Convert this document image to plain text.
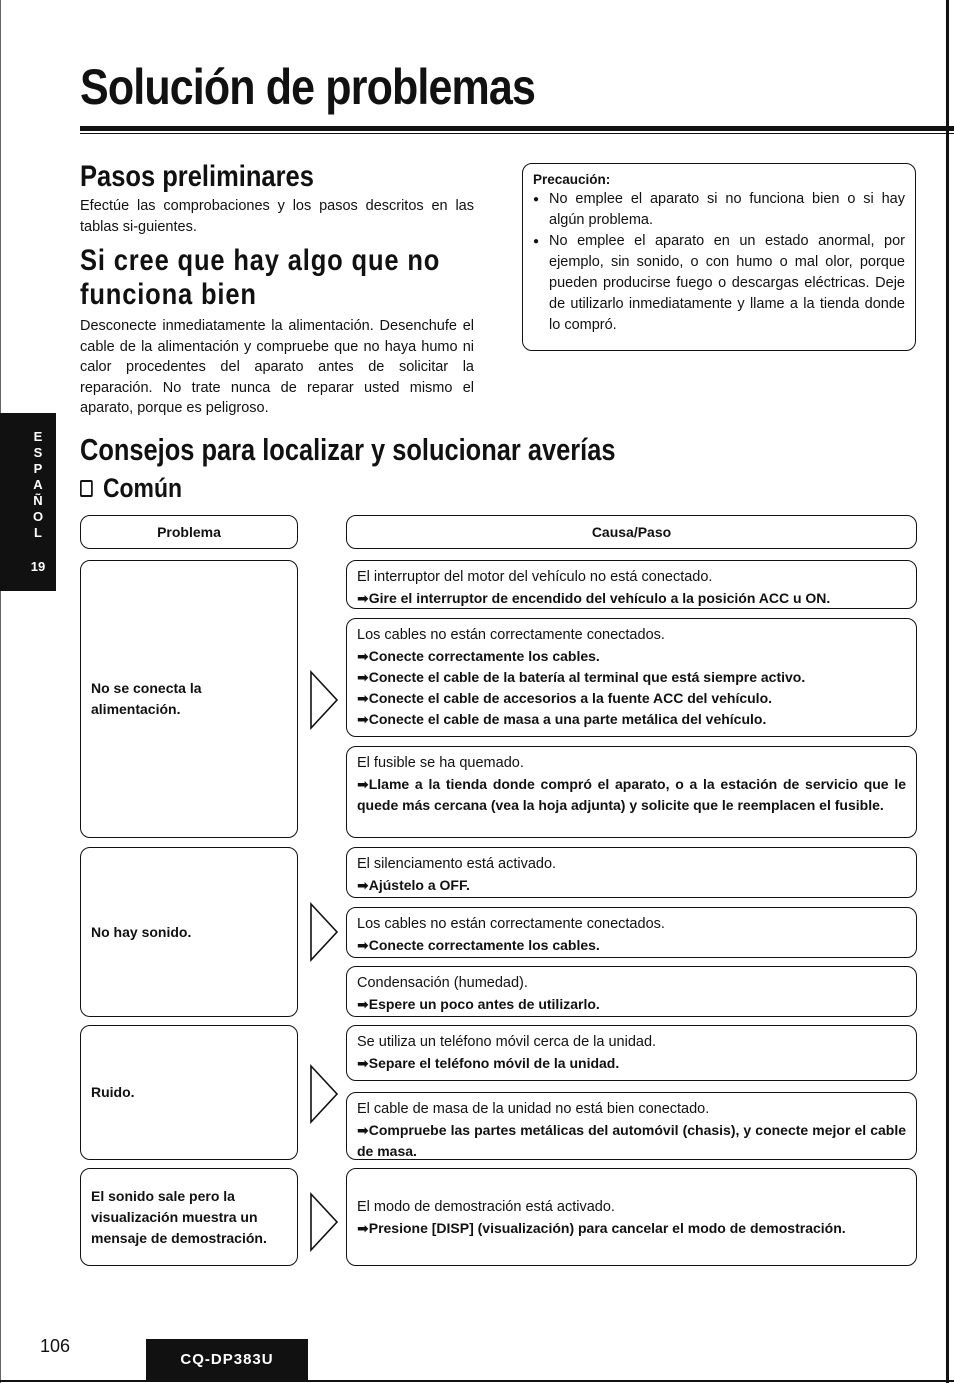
Solución de problemas
Pasos preliminares
Efectúe las comprobaciones y los pasos descritos en las tablas si-guientes.
Si cree que hay algo que no funciona bien
Desconecte inmediatamente la alimentación. Desenchufe el cable de la alimentación y compruebe que no haya humo ni calor procedentes del aparato antes de solicitar la reparación. No trate nunca de reparar usted mismo el aparato, porque es peligroso.
Precaución:
● No emplee el aparato si no funciona bien o si hay algún problema.
● No emplee el aparato en un estado anormal, por ejemplo, sin sonido, o con humo o mal olor, porque pueden producirse fuego o descargas eléctricas. Deje de utilizarlo inmediatamente y llame a la tienda donde lo compró.
E
S
P
A
Ñ
O
L
19
Consejos para localizar y solucionar averías
Común
Problema	Causa/Paso
No se conecta la alimentación.
No hay sonido.
Ruido.
El sonido sale pero la visualización muestra un mensaje de demostración.
El interruptor del motor del vehículo no está conectado.
➡Gire el interruptor de encendido del vehículo a la posición ACC u ON.
Los cables no están correctamente conectados.
➡Conecte correctamente los cables.
➡Conecte el cable de la batería al terminal que está siempre activo.
➡Conecte el cable de accesorios a la fuente ACC del vehículo.
➡Conecte el cable de masa a una parte metálica del vehículo.
El fusible se ha quemado.
➡Llame a la tienda donde compró el aparato, o a la estación de servicio que le quede más cercana (vea la hoja adjunta) y solicite que le reemplacen el fusible.
El silenciamento está activado.
➡Ajústelo a OFF.
Los cables no están correctamente conectados.
➡Conecte correctamente los cables.
Condensación (humedad).
➡Espere un poco antes de utilizarlo.
Se utiliza un teléfono móvil cerca de la unidad.
➡Separe el teléfono móvil de la unidad.
El cable de masa de la unidad no está bien conectado.
➡Compruebe las partes metálicas del automóvil (chasis), y conecte mejor el cable de masa.
El modo de demostración está activado.
➡Presione [DISP] (visualización) para cancelar el modo de demostración.
106
CQ-DP383U
